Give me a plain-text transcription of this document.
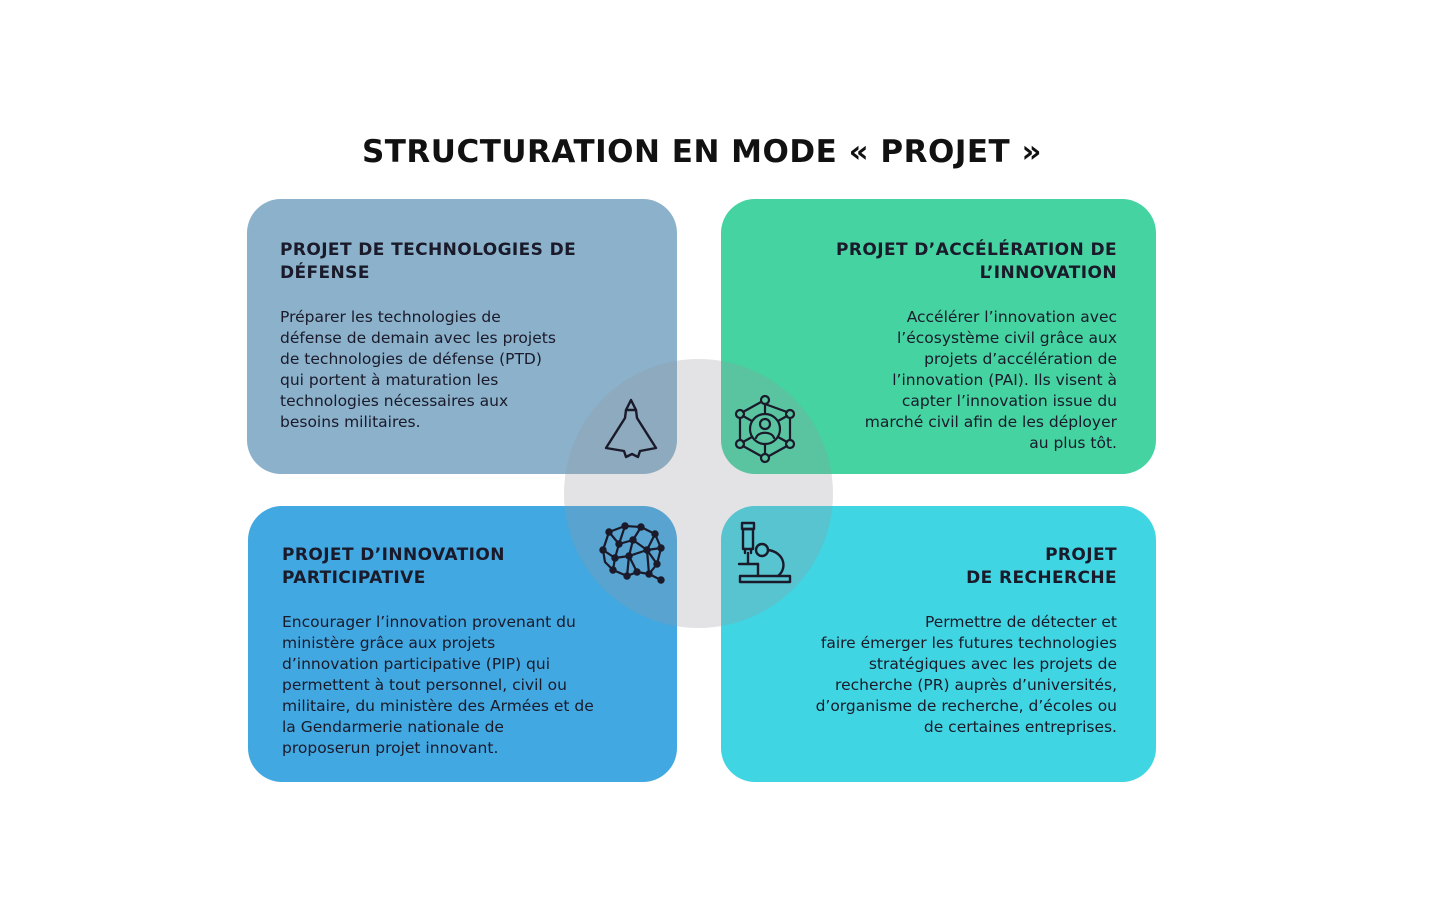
STRUCTURATION EN MODE « PROJET »
PROJET DE TECHNOLOGIES DE
DÉFENSE

Préparer les technologies de
défense de demain avec les projets
de technologies de défense (PTD)
qui portent à maturation les
technologies nécessaires aux
besoins militaires.

PROJET D’ACCÉLÉRATION DE
L’INNOVATION

Accélérer l’innovation avec
l’écosystème civil grâce aux
projets d’accélération de
l’innovation (PAI). Ils visent à
capter l’innovation issue du
marché civil afin de les déployer
au plus tôt.

PROJET D’INNOVATION
PARTICIPATIVE

Encourager l’innovation provenant du
ministère grâce aux projets
d’innovation participative (PIP) qui
permettent à tout personnel, civil ou
militaire, du ministère des Armées et de
la Gendarmerie nationale de
proposerun projet innovant.

PROJET
DE RECHERCHE

Permettre de détecter et
faire émerger les futures technologies
stratégiques avec les projets de
recherche (PR) auprès d’universités,
d’organisme de recherche, d’écoles ou
de certaines entreprises.
